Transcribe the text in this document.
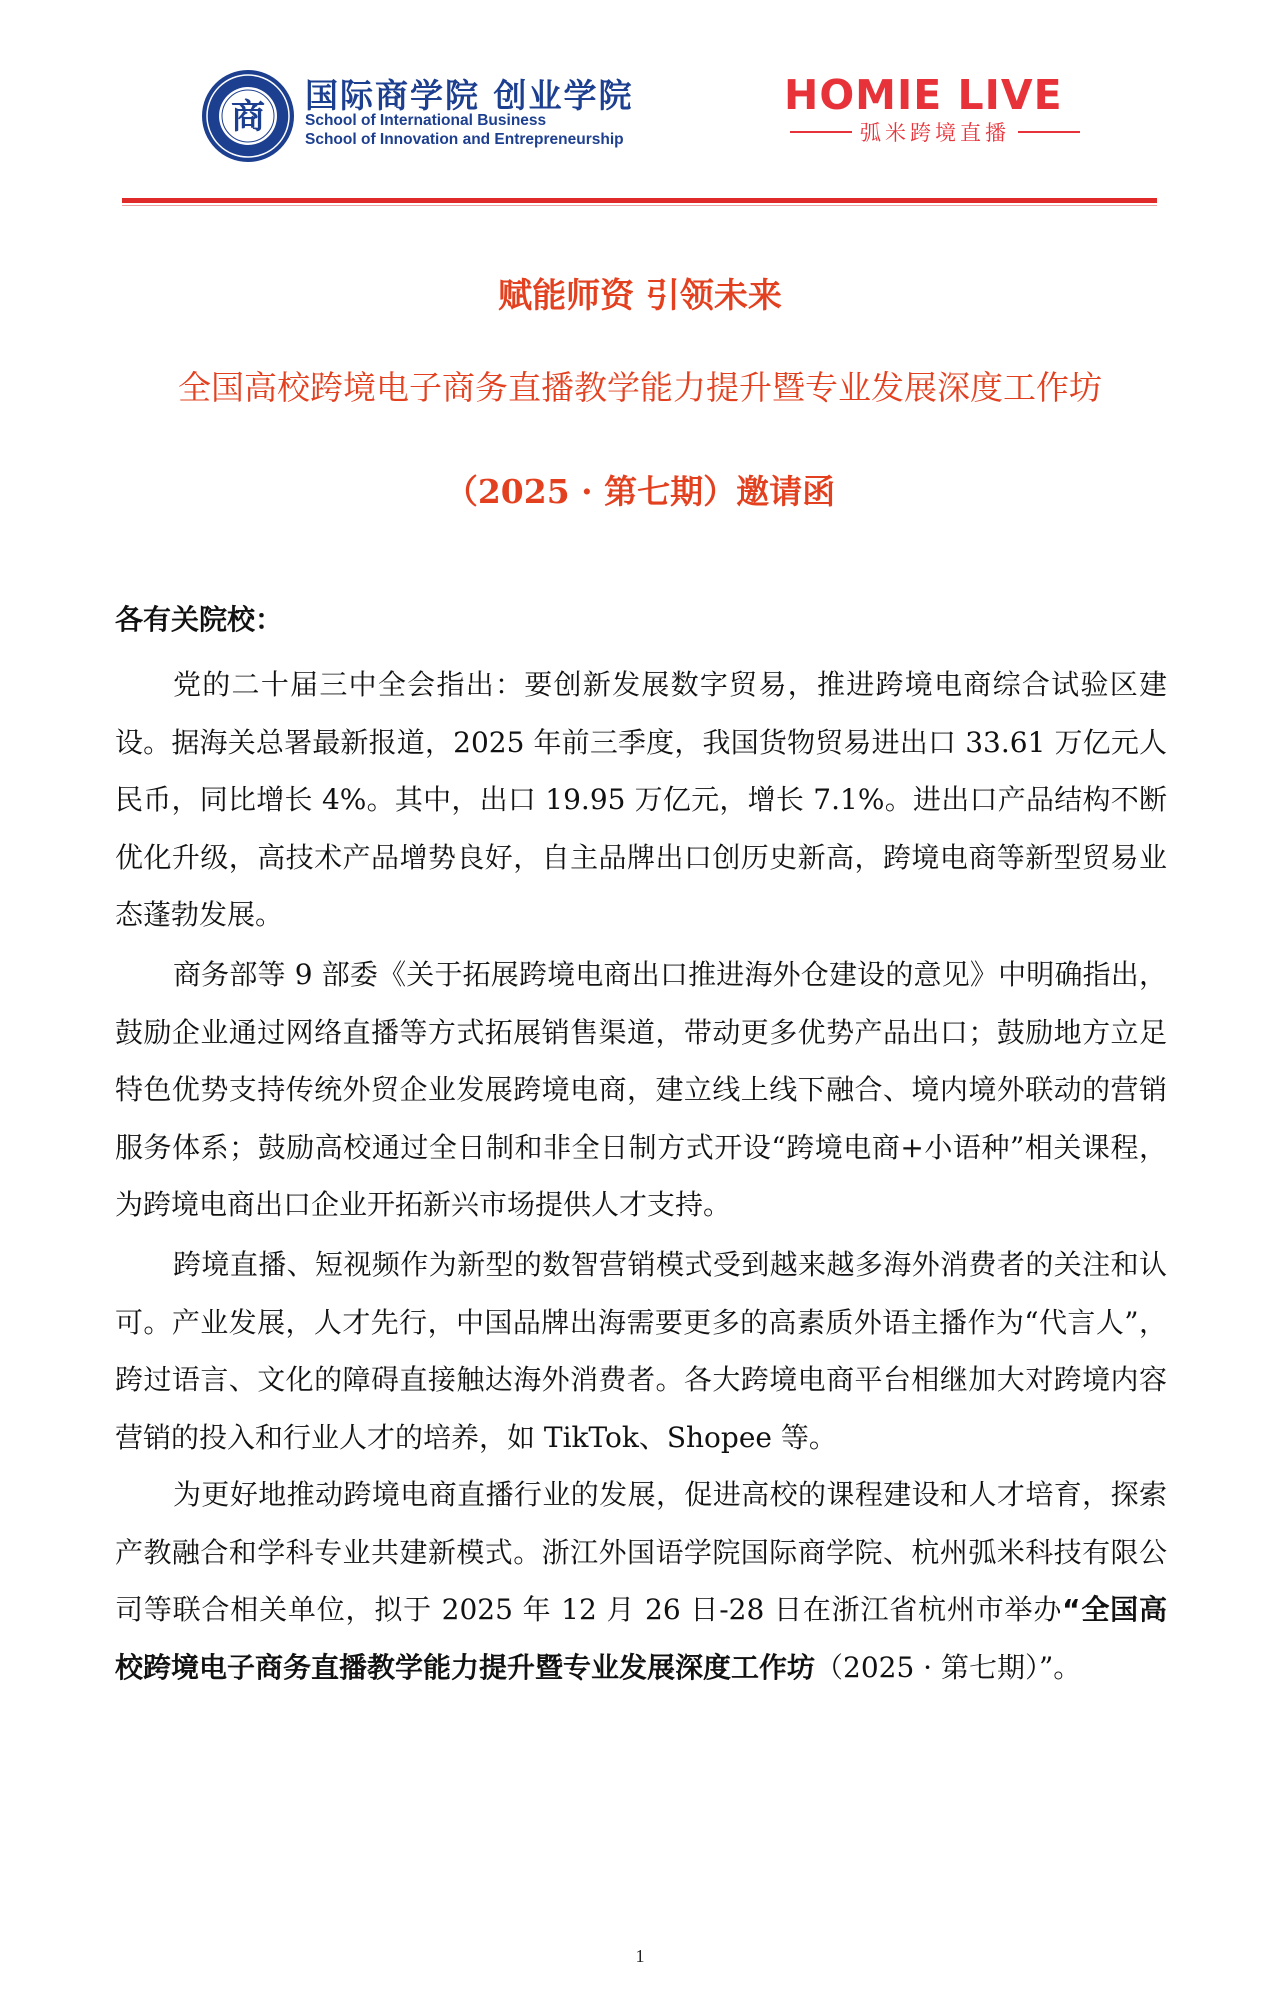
商
国际商学院 创业学院
School of International Business
School of Innovation and Entrepreneurship
HOMIE LIVE
弧米跨境直播
赋能师资 引领未来
全国高校跨境电子商务直播教学能力提升暨专业发展深度工作坊
（2025 · 第七期）邀请函
各有关院校：

党的二十届三中全会指出：要创新发展数字贸易，推进跨境电商综合试验区建设。据海关总署最新报道，2025 年前三季度，我国货物贸易进出口 33.61 万亿元人民币，同比增长 4%。其中，出口 19.95 万亿元，增长 7.1%。进出口产品结构不断优化升级，高技术产品增势良好，自主品牌出口创历史新高，跨境电商等新型贸易业态蓬勃发展。

商务部等 9 部委《关于拓展跨境电商出口推进海外仓建设的意见》中明确指出，鼓励企业通过网络直播等方式拓展销售渠道，带动更多优势产品出口；鼓励地方立足特色优势支持传统外贸企业发展跨境电商，建立线上线下融合、境内境外联动的营销服务体系；鼓励高校通过全日制和非全日制方式开设“跨境电商+小语种”相关课程，为跨境电商出口企业开拓新兴市场提供人才支持。

跨境直播、短视频作为新型的数智营销模式受到越来越多海外消费者的关注和认可。产业发展，人才先行，中国品牌出海需要更多的高素质外语主播作为“代言人”，跨过语言、文化的障碍直接触达海外消费者。各大跨境电商平台相继加大对跨境内容营销的投入和行业人才的培养，如 TikTok、Shopee 等。

为更好地推动跨境电商直播行业的发展，促进高校的课程建设和人才培育，探索产教融合和学科专业共建新模式。浙江外国语学院国际商学院、杭州弧米科技有限公司等联合相关单位，拟于 2025 年 12 月 26 日-28 日在浙江省杭州市举办“全国高校跨境电子商务直播教学能力提升暨专业发展深度工作坊（2025 · 第七期）”。

1
